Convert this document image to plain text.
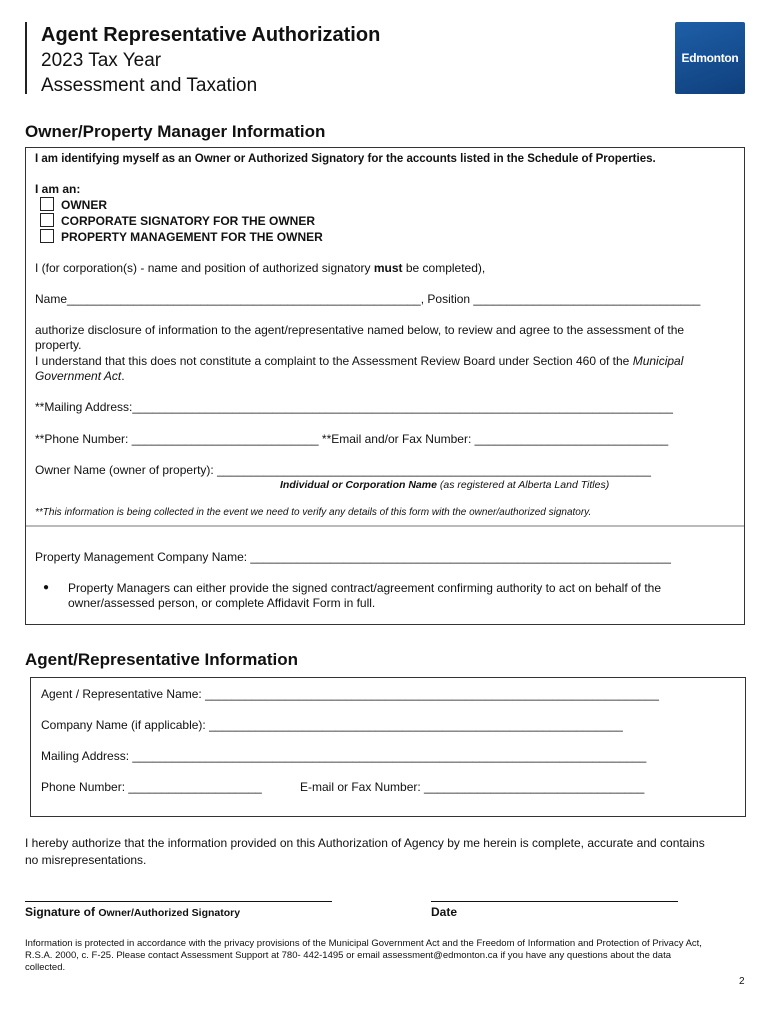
Agent Representative Authorization
2023 Tax Year
Assessment and Taxation
Edmonton
Owner/Property Manager Information
I am identifying myself as an Owner or Authorized Signatory for the accounts listed in the Schedule of Properties.
I am an:
OWNER
CORPORATE SIGNATORY FOR THE OWNER
PROPERTY MANAGEMENT FOR THE OWNER
I (for corporation(s) - name and position of authorized signatory must be completed),
Name_____________________________________________________, Position __________________________________
authorize disclosure of information to the agent/representative named below, to review and agree to the assessment of the
property.
I understand that this does not constitute a complaint to the Assessment Review Board under Section 460 of the Municipal
Government Act.
**Mailing Address:_________________________________________________________________________________
**Phone Number: ____________________________ **Email and/or Fax Number: _____________________________
Owner Name (owner of property): _________________________________________________________________
Individual or Corporation Name (as registered at Alberta Land Titles)
**This information is being collected in the event we need to verify any details of this form with the owner/authorized signatory.
Property Management Company Name: _______________________________________________________________
● Property Managers can either provide the signed contract/agreement confirming authority to act on behalf of the
owner/assessed person, or complete Affidavit Form in full.
Agent/Representative Information
Agent / Representative Name: ____________________________________________________________________
Company Name (if applicable): ______________________________________________________________
Mailing Address: _____________________________________________________________________________
Phone Number: ____________________	E-mail or Fax Number: _________________________________
I hereby authorize that the information provided on this Authorization of Agency by me herein is complete, accurate and contains
no misrepresentations.
Signature of Owner/Authorized Signatory	Date
Information is protected in accordance with the privacy provisions of the Municipal Government Act and the Freedom of Information and Protection of Privacy Act,
R.S.A. 2000, c. F-25. Please contact Assessment Support at 780- 442-1495 or email assessment@edmonton.ca if you have any questions about the data
collected.
2
